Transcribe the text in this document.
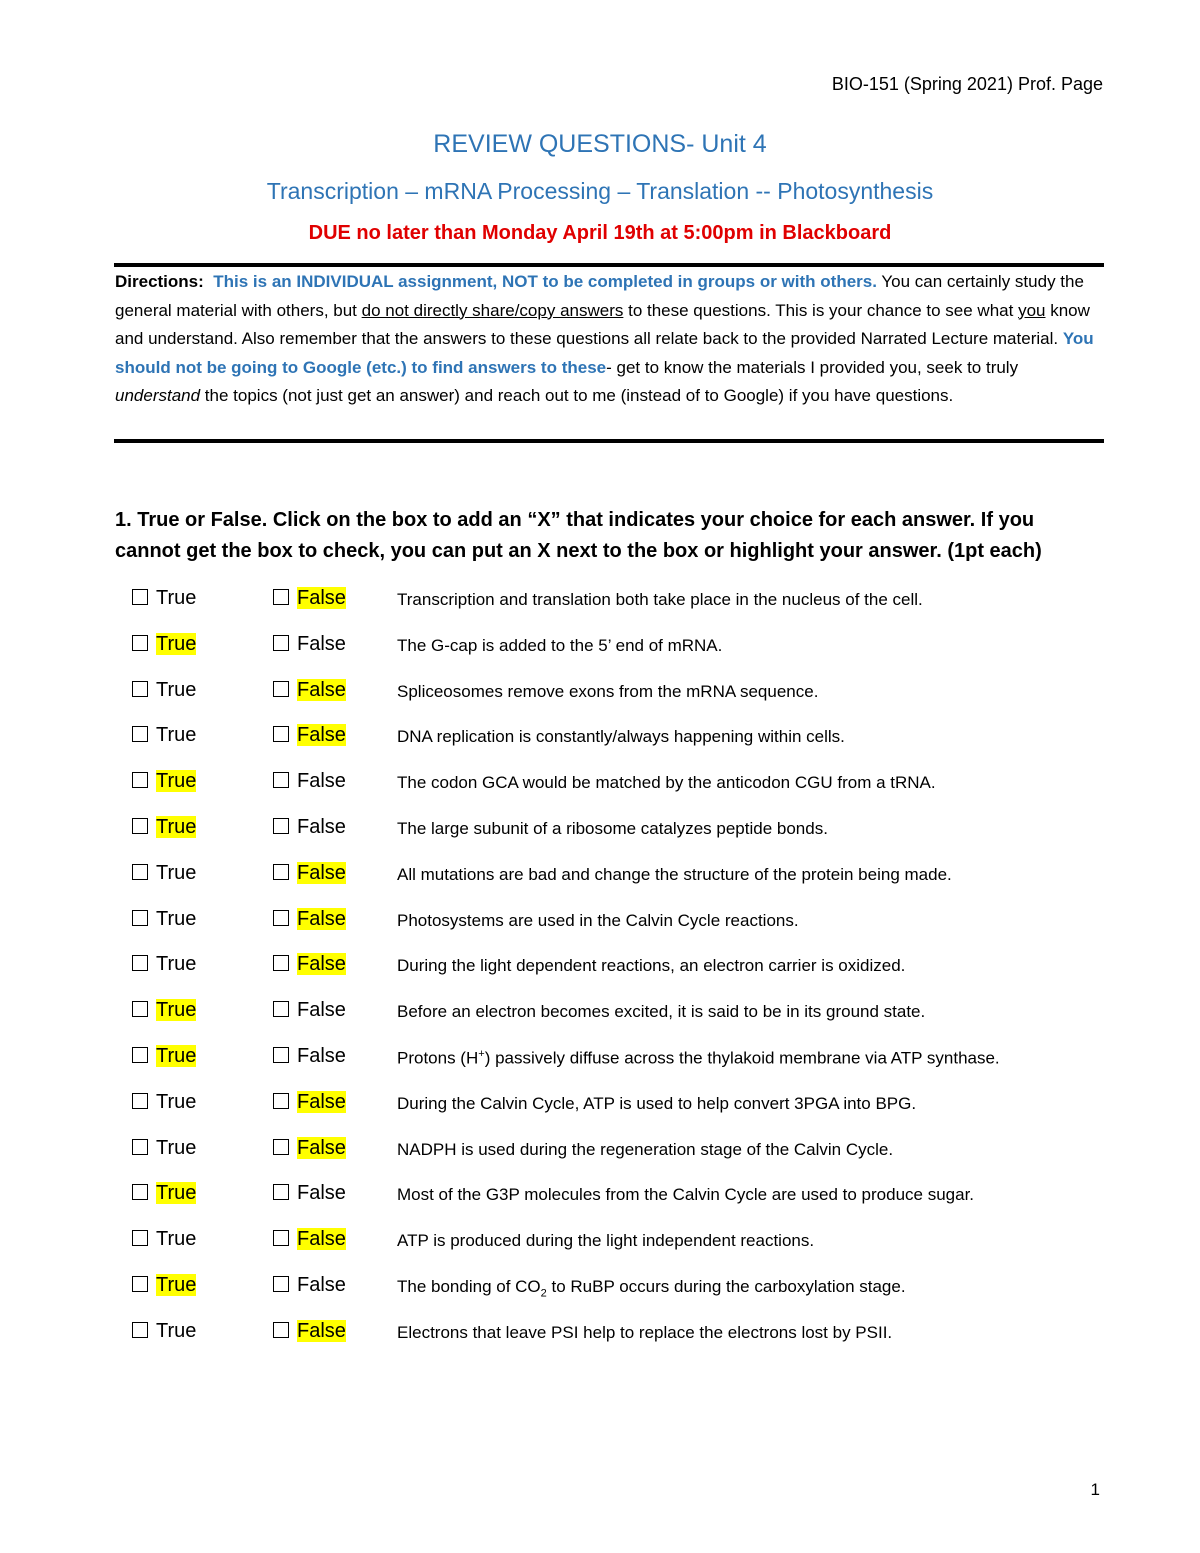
BIO-151 (Spring 2021) Prof. Page
REVIEW QUESTIONS- Unit 4
Transcription – mRNA Processing – Translation -- Photosynthesis
DUE no later than Monday April 19th at 5:00pm in Blackboard
Directions: This is an INDIVIDUAL assignment, NOT to be completed in groups or with others. You can certainly study the general material with others, but do not directly share/copy answers to these questions. This is your chance to see what you know and understand. Also remember that the answers to these questions all relate back to the provided Narrated Lecture material. You should not be going to Google (etc.) to find answers to these- get to know the materials I provided you, seek to truly understand the topics (not just get an answer) and reach out to me (instead of to Google) if you have questions.
1. True or False. Click on the box to add an “X” that indicates your choice for each answer. If you cannot get the box to check, you can put an X next to the box or highlight your answer. (1pt each)
True	False	Transcription and translation both take place in the nucleus of the cell.
True	False	The G-cap is added to the 5’ end of mRNA.
True	False	Spliceosomes remove exons from the mRNA sequence.
True	False	DNA replication is constantly/always happening within cells.
True	False	The codon GCA would be matched by the anticodon CGU from a tRNA.
True	False	The large subunit of a ribosome catalyzes peptide bonds.
True	False	All mutations are bad and change the structure of the protein being made.
True	False	Photosystems are used in the Calvin Cycle reactions.
True	False	During the light dependent reactions, an electron carrier is oxidized.
True	False	Before an electron becomes excited, it is said to be in its ground state.
True	False	Protons (H+) passively diffuse across the thylakoid membrane via ATP synthase.
True	False	During the Calvin Cycle, ATP is used to help convert 3PGA into BPG.
True	False	NADPH is used during the regeneration stage of the Calvin Cycle.
True	False	Most of the G3P molecules from the Calvin Cycle are used to produce sugar.
True	False	ATP is produced during the light independent reactions.
True	False	The bonding of $CO_2$ to RuBP occurs during the carboxylation stage.
True	False	Electrons that leave PSI help to replace the electrons lost by PSII.
1
